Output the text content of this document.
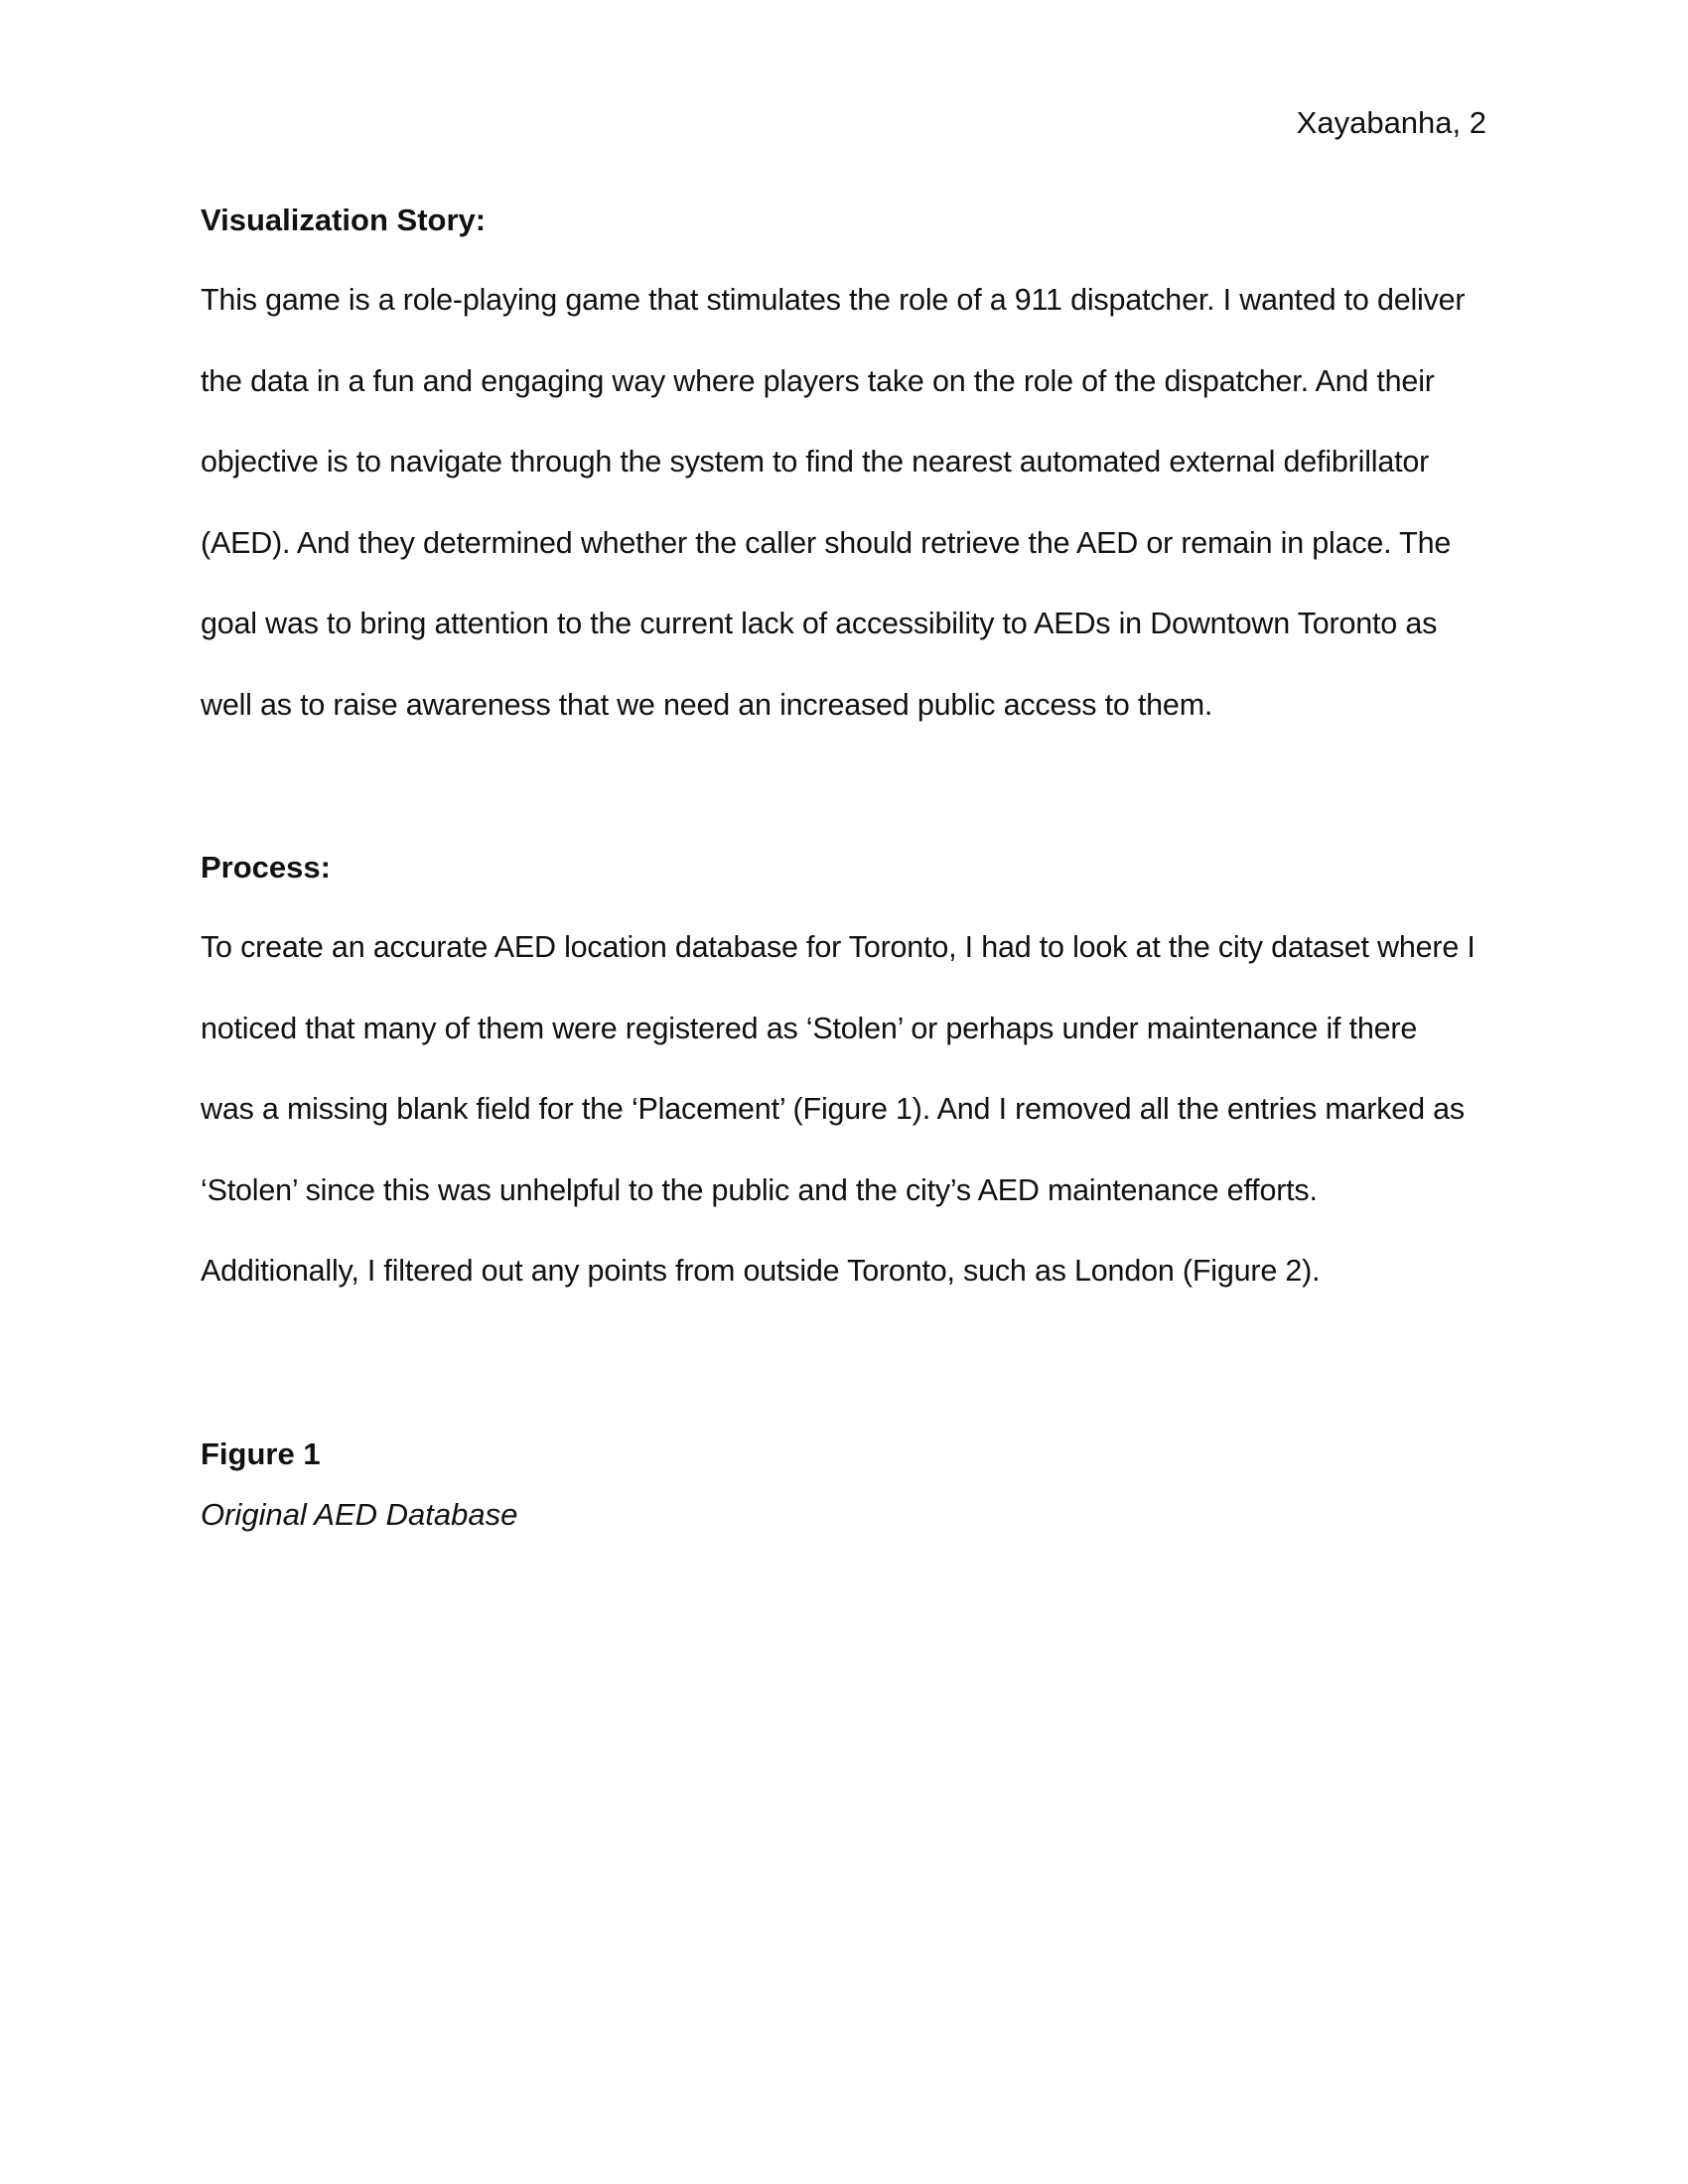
Xayabanha, 2
Visualization Story:

This game is a role-playing game that stimulates the role of a 911 dispatcher. I wanted to deliver
the data in a fun and engaging way where players take on the role of the dispatcher. And their
objective is to navigate through the system to find the nearest automated external defibrillator
(AED). And they determined whether the caller should retrieve the AED or remain in place. The
goal was to bring attention to the current lack of accessibility to AEDs in Downtown Toronto as
well as to raise awareness that we need an increased public access to them.

Process:

To create an accurate AED location database for Toronto, I had to look at the city dataset where I
noticed that many of them were registered as ‘Stolen’ or perhaps under maintenance if there
was a missing blank field for the ‘Placement’ (Figure 1). And I removed all the entries marked as
‘Stolen’ since this was unhelpful to the public and the city’s AED maintenance efforts.
Additionally, I filtered out any points from outside Toronto, such as London (Figure 2).

Figure 1

Original AED Database
